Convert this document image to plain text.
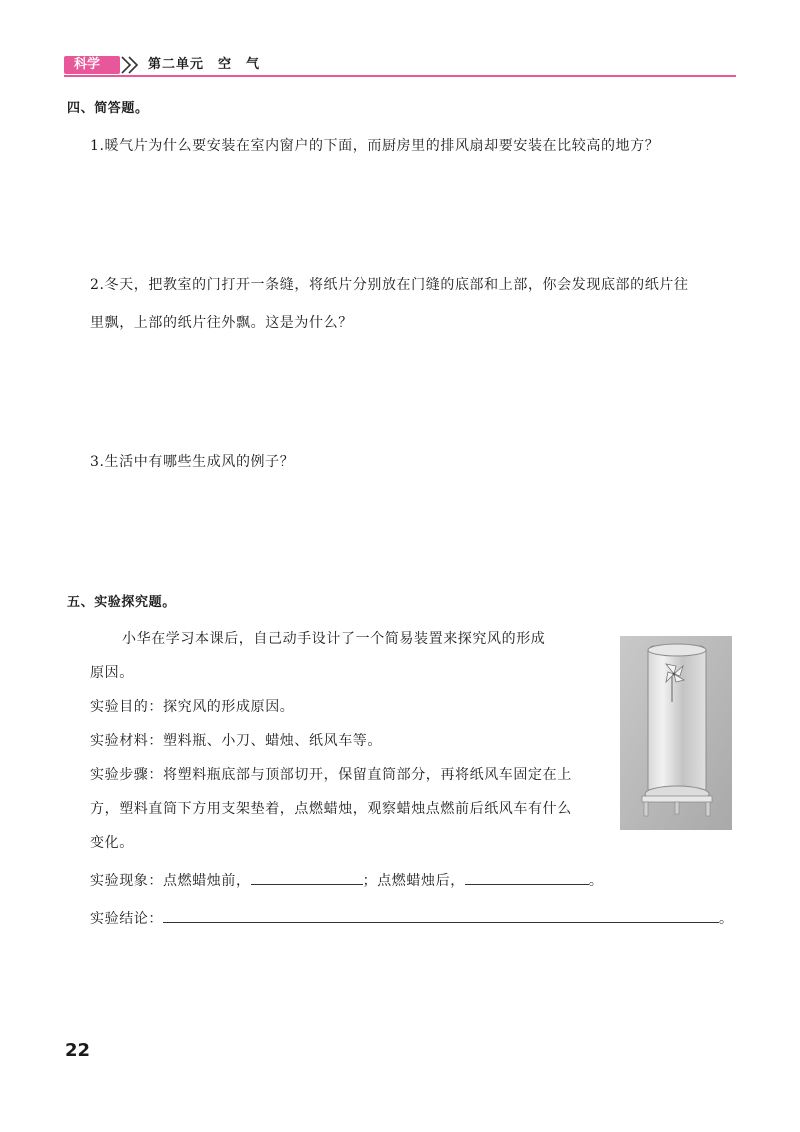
科学	第二单元　空　气
四、简答题。
1.暖气片为什么要安装在室内窗户的下面，而厨房里的排风扇却要安装在比较高的地方？
2.冬天，把教室的门打开一条缝，将纸片分别放在门缝的底部和上部，你会发现底部的纸片往
里飘，上部的纸片往外飘。这是为什么？
3.生活中有哪些生成风的例子？
五、实验探究题。
小华在学习本课后，自己动手设计了一个简易装置来探究风的形成
原因。
实验目的：探究风的形成原因。
实验材料：塑料瓶、小刀、蜡烛、纸风车等。
实验步骤：将塑料瓶底部与顶部切开，保留直筒部分，再将纸风车固定在上
方，塑料直筒下方用支架垫着，点燃蜡烛，观察蜡烛点燃前后纸风车有什么
变化。
实验现象：点燃蜡烛前，	；点燃蜡烛后，	。
实验结论：	。
22
